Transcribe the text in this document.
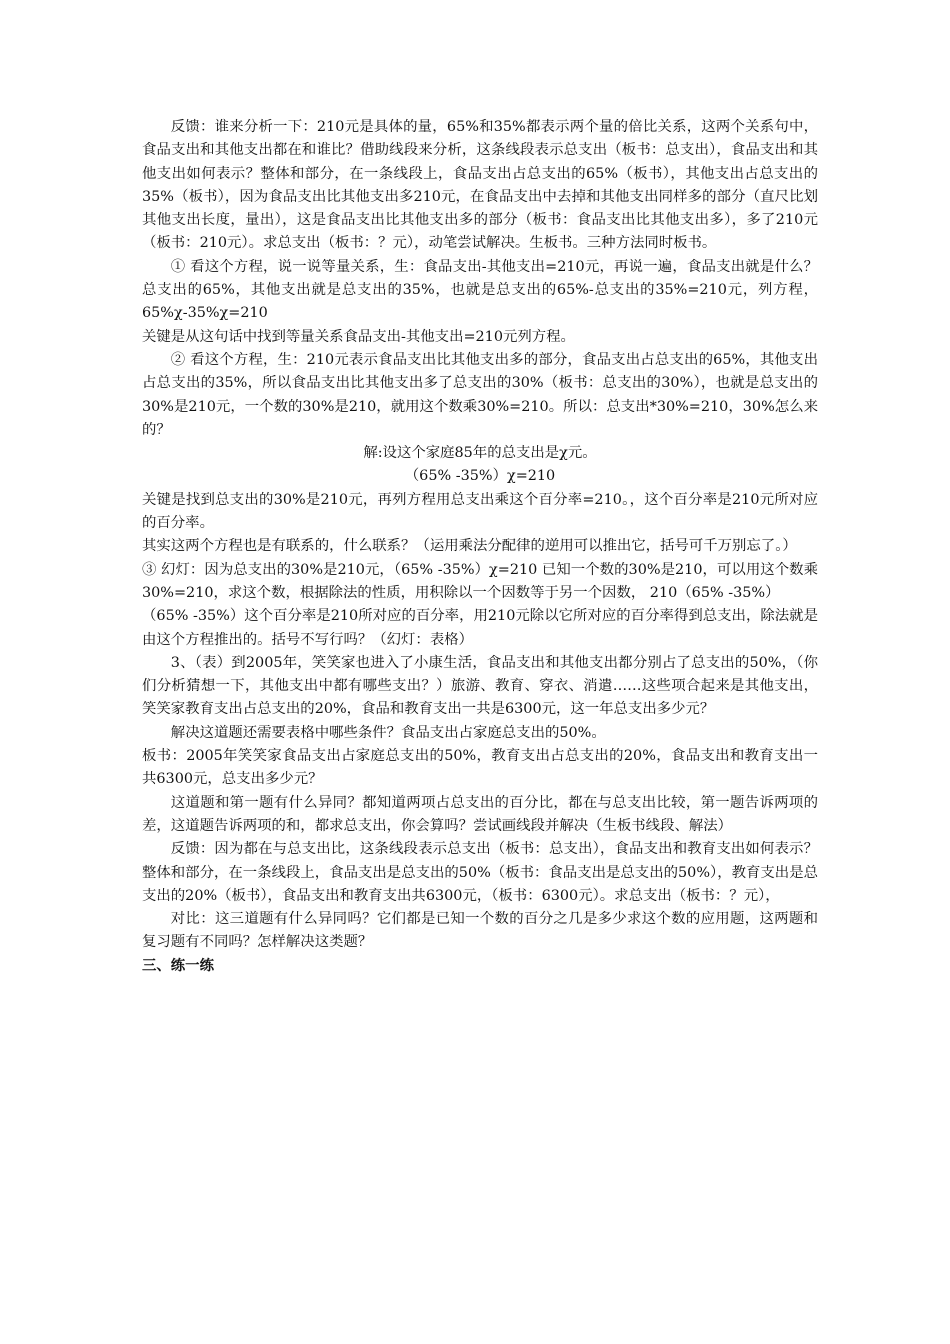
反馈：谁来分析一下：210元是具体的量，65%和35%都表示两个量的倍比关系，这两个关系句中，食品支出和其他支出都在和谁比？借助线段来分析，这条线段表示总支出（板书：总支出），食品支出和其他支出如何表示？整体和部分，在一条线段上，食品支出占总支出的65%（板书），其他支出占总支出的35%（板书），因为食品支出比其他支出多210元，在食品支出中去掉和其他支出同样多的部分（直尺比划其他支出长度，量出），这是食品支出比其他支出多的部分（板书：食品支出比其他支出多），多了210元（板书：210元）。求总支出（板书：？元），动笔尝试解决。生板书。三种方法同时板书。

① 看这个方程，说一说等量关系，生：食品支出-其他支出=210元，再说一遍，食品支出就是什么？总支出的65%，其他支出就是总支出的35%，也就是总支出的65%-总支出的35%=210元，列方程， 65%χ-35%χ=210

关键是从这句话中找到等量关系食品支出-其他支出=210元列方程。

② 看这个方程，生：210元表示食品支出比其他支出多的部分，食品支出占总支出的65%，其他支出占总支出的35%，所以食品支出比其他支出多了总支出的30%（板书：总支出的30%），也就是总支出的30%是210元，一个数的30%是210，就用这个数乘30%=210。所以：总支出*30%=210，30%怎么来的？

解:设这个家庭85年的总支出是χ元。

（65% -35%）χ=210

关键是找到总支出的30%是210元，再列方程用总支出乘这个百分率=210。，这个百分率是210元所对应的百分率。

其实这两个方程也是有联系的，什么联系？（运用乘法分配律的逆用可以推出它，括号可千万别忘了。）

③ 幻灯：因为总支出的30%是210元，（65% -35%）χ=210 已知一个数的30%是210，可以用这个数乘30%=210，求这个数，根据除法的性质，用积除以一个因数等于另一个因数， 210（65% -35%）

（65% -35%）这个百分率是210所对应的百分率，用210元除以它所对应的百分率得到总支出，除法就是由这个方程推出的。括号不写行吗？（幻灯：表格）

3、（表）到2005年，笑笑家也进入了小康生活，食品支出和其他支出都分别占了总支出的50%，（你们分析猜想一下，其他支出中都有哪些支出？）旅游、教育、穿衣、消遣……这些项合起来是其他支出，笑笑家教育支出占总支出的20%，食品和教育支出一共是6300元，这一年总支出多少元？

解决这道题还需要表格中哪些条件？食品支出占家庭总支出的50%。

板书：2005年笑笑家食品支出占家庭总支出的50%，教育支出占总支出的20%，食品支出和教育支出一共6300元，总支出多少元？

这道题和第一题有什么异同？都知道两项占总支出的百分比，都在与总支出比较，第一题告诉两项的差，这道题告诉两项的和，都求总支出，你会算吗？尝试画线段并解决（生板书线段、解法）

反馈：因为都在与总支出比，这条线段表示总支出（板书：总支出），食品支出和教育支出如何表示？整体和部分，在一条线段上，食品支出是总支出的50%（板书：食品支出是总支出的50%），教育支出是总支出的20%（板书），食品支出和教育支出共6300元，（板书：6300元）。求总支出（板书：？元），

对比：这三道题有什么异同吗？它们都是已知一个数的百分之几是多少求这个数的应用题，这两题和复习题有不同吗？怎样解决这类题？

三、练一练
